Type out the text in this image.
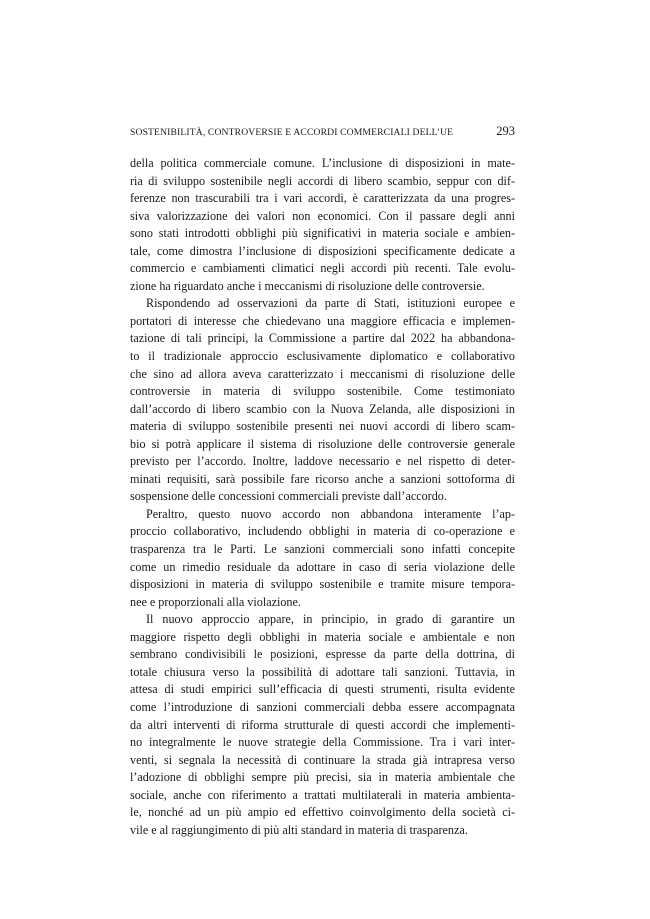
SOSTENIBILITÀ, CONTROVERSIE E ACCORDI COMMERCIALI DELL’UE	293
della politica commerciale comune. L’inclusione di disposizioni in mate-
ria di sviluppo sostenibile negli accordi di libero scambio, seppur con dif-
ferenze non trascurabili tra i vari accordi, è caratterizzata da una progres-
siva valorizzazione dei valori non economici. Con il passare degli anni
sono stati introdotti obblighi più significativi in materia sociale e ambien-
tale, come dimostra l’inclusione di disposizioni specificamente dedicate a
commercio e cambiamenti climatici negli accordi più recenti. Tale evolu-
zione ha riguardato anche i meccanismi di risoluzione delle controversie.
Rispondendo ad osservazioni da parte di Stati, istituzioni europee e
portatori di interesse che chiedevano una maggiore efficacia e implemen-
tazione di tali principi, la Commissione a partire dal 2022 ha abbandona-
to il tradizionale approccio esclusivamente diplomatico e collaborativo
che sino ad allora aveva caratterizzato i meccanismi di risoluzione delle
controversie in materia di sviluppo sostenibile. Come testimoniato
dall’accordo di libero scambio con la Nuova Zelanda, alle disposizioni in
materia di sviluppo sostenibile presenti nei nuovi accordi di libero scam-
bio si potrà applicare il sistema di risoluzione delle controversie generale
previsto per l’accordo. Inoltre, laddove necessario e nel rispetto di deter-
minati requisiti, sarà possibile fare ricorso anche a sanzioni sottoforma di
sospensione delle concessioni commerciali previste dall’accordo.
Peraltro, questo nuovo accordo non abbandona interamente l’ap-
proccio collaborativo, includendo obblighi in materia di co-operazione e
trasparenza tra le Parti. Le sanzioni commerciali sono infatti concepite
come un rimedio residuale da adottare in caso di seria violazione delle
disposizioni in materia di sviluppo sostenibile e tramite misure tempora-
nee e proporzionali alla violazione.
Il nuovo approccio appare, in principio, in grado di garantire un
maggiore rispetto degli obblighi in materia sociale e ambientale e non
sembrano condivisibili le posizioni, espresse da parte della dottrina, di
totale chiusura verso la possibilità di adottare tali sanzioni. Tuttavia, in
attesa di studi empirici sull’efficacia di questi strumenti, risulta evidente
come l’introduzione di sanzioni commerciali debba essere accompagnata
da altri interventi di riforma strutturale di questi accordi che implementi-
no integralmente le nuove strategie della Commissione. Tra i vari inter-
venti, si segnala la necessità di continuare la strada già intrapresa verso
l’adozione di obblighi sempre più precisi, sia in materia ambientale che
sociale, anche con riferimento a trattati multilaterali in materia ambienta-
le, nonché ad un più ampio ed effettivo coinvolgimento della società ci-
vile e al raggiungimento di più alti standard in materia di trasparenza.
